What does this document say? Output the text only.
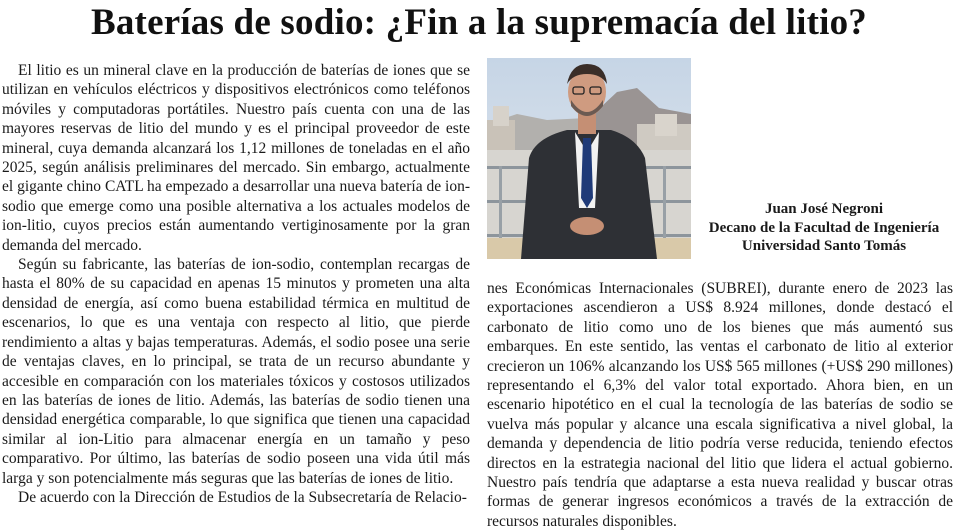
Baterías de sodio: ¿Fin a la supremacía del litio?

El litio es un mineral clave en la producción de baterías de iones que se utilizan en vehículos eléctricos y dispositivos electrónicos como teléfonos móviles y computadoras portátiles. Nuestro país cuenta con una de las mayores reservas de litio del mundo y es el principal proveedor de este mineral, cuya demanda alcanzará los 1,12 millones de toneladas en el año 2025, según análisis preliminares del mercado. Sin embargo, actualmente el gigante chino CATL ha empezado a desarrollar una nueva batería de ion-sodio que emerge como una posible alternativa a los actuales modelos de ion-litio, cuyos precios están aumentando vertiginosamente por la gran demanda del mercado.

Según su fabricante, las baterías de ion-sodio, contemplan recargas de hasta el 80% de su capacidad en apenas 15 minutos y prometen una alta densidad de energía, así como buena estabilidad térmica en multitud de escenarios, lo que es una ventaja con respecto al litio, que pierde rendimiento a altas y bajas temperaturas. Además, el sodio posee una serie de ventajas claves, en lo principal, se trata de un recurso abundante y accesible en comparación con los materiales tóxicos y costosos utilizados en las baterías de iones de litio. Además, las baterías de sodio tienen una densidad energética comparable, lo que significa que tienen una capacidad similar al ion-Litio para almacenar energía en un tamaño y peso comparativo. Por último, las baterías de sodio poseen una vida útil más larga y son potencialmente más seguras que las baterías de iones de litio.

De acuerdo con la Dirección de Estudios de la Subsecretaría de Relacio-

Juan José Negroni
Decano de la Facultad de Ingeniería
Universidad Santo Tomás

nes Económicas Internacionales (SUBREI), durante enero de 2023 las exportaciones ascendieron a US$ 8.924 millones, donde destacó el carbonato de litio como uno de los bienes que más aumentó sus embarques. En este sentido, las ventas el carbonato de litio al exterior crecieron un 106% alcanzando los US$ 565 millones (+US$ 290 millones) representando el 6,3% del valor total exportado. Ahora bien, en un escenario hipotético en el cual la tecnología de las baterías de sodio se vuelva más popular y alcance una escala significativa a nivel global, la demanda y dependencia de litio podría verse reducida, teniendo efectos directos en la estrategia nacional del litio que lidera el actual gobierno. Nuestro país tendría que adaptarse a esta nueva realidad y buscar otras formas de generar ingresos económicos a través de la extracción de recursos naturales disponibles.
